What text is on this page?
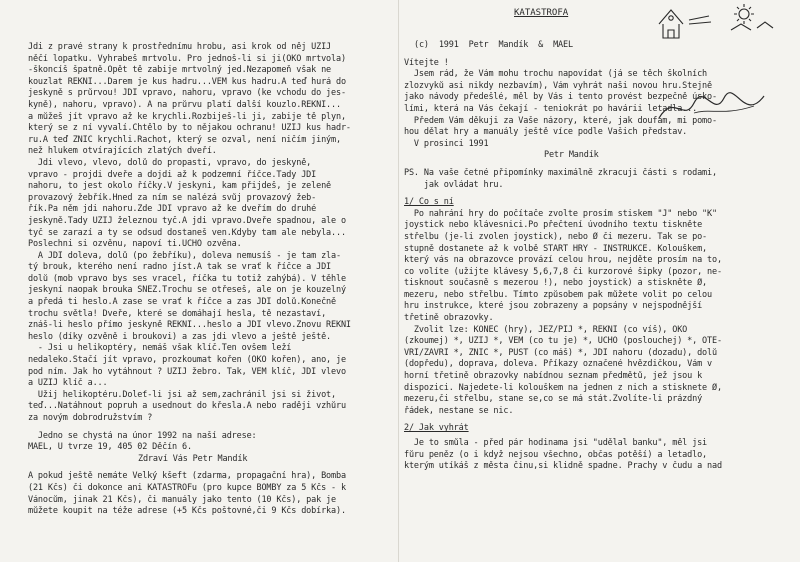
Jdi z pravé strany k prostřednímu hrobu, asi krok od něj UŽIJ
něčí lopatku. Vyhrabeš mrtvolu. Pro jednoš-li si ji(OKO mrtvola)
-škoncíš špatně.Opět tě zabije mrtvolný jed.Nezapomeň však ne
kouzlat ŘEKNI...Darem je kus hadru...VEM kus hadru.A teď hurá do
jeskyně s průrvou! JDI vpravo, nahoru, vpravo (ke vchodu do jes-
kyně), nahoru, vpravo). A na průrvu platí další kouzlo.ŘEKNI...
a můžeš jít vpravo až ke krychli.Rozbiješ-li ji, zabije tě plyn,
který se z ní vyvalí.Chtělo by to nějakou ochranu! UŽIJ kus hadr-
ru.A teď ZNIČ krychli.Rachot, který se ozval, není ničím jiným,
než hlukem otvírajících zlatých dveří.
Jdi vlevo, vlevo, dolů do propasti, vpravo, do jeskyně,
vpravo - projdi dveře a dojdi až k podzemní říčce.Tady JDI
nahoru, to jest okolo říčky.V jeskyni, kam přijdeš, je zeleně
provazový žebřík.Hned za ním se nalézá svůj provazový žeb-
řík.Pa něm jdi nahoru.Zde JDI vpravo až ke dveřím do druhé
jeskyně.Tady UŽIJ železnou tyč.A jdi vpravo.Dveře spadnou, ale o
tyč se zarazí a ty se odsud dostaneš ven.Kdyby tam ale nebyla...
Poslechni si ozvěnu, napoví ti.UCHO ozvěna.
A JDI doleva, dolů (po žebříku), doleva nemusíš - je tam zla-
tý brouk, kterého není radno jíst.A tak se vrať k říčce a JDI
dolů (mob vpravo bys ses vracel, říčka tu totiž zahýbá). V těhle
jeskyní naopak brouka SNĚZ.Trochu se otřeseš, ale on je kouzelný
a předá ti heslo.A zase se vrať k říčce a zas JDI dolů.Konečně
trochu světla! Dveře, které se domáhají hesla, tě nezastaví,
znáš-li heslo přímo jeskyně ŘEKNI...heslo a JDI vlevo.Znovu ŘEKNI
heslo (díky ozvěně i broukovi) a zas jdi vlevo a ještě ještě.
- Jsi u helikoptéry, nemáš však klíč.Ten ovšem leží
nedaleko.Stačí jít vpravo, prozkoumat kořen (OKO kořen), ano, je
pod ním. Jak ho vytáhnout ? UŽIJ žebro. Tak, VEM klíč, JDI vlevo
a UŽIJ klíč a...
Užij helikoptéru.Doleť-li jsi až sem,zachránil jsi si život,
teď...Natáhnout popruh a usednout do křesla.A nebo raději vzhůru
za novým dobrodružstvím ?
Jedno se chystá na únor 1992 na naší adrese:
MAEL, U tvrze 19, 405 02 Děčín 6.
Zdraví Vás Petr Mandík
A pokud ještě nemáte Velký kšeft (zdarma, propagační hra), Bomba
(21 Kčs) či dokonce ani KATASTROFu (pro kupce BOMBY za 5 Kčs - k
Vánocům, jinak 21 Kčs), či manuály jako tento (10 Kčs), pak je
můžete koupit na téže adrese (+5 Kčs poštovné,či 9 Kčs dobírka).
KATASTROFA
(c)  1991  Petr  Mandík  &  MAEL
Vítejte !
Jsem rád, že Vám mohu trochu napovídat (já se těch školních
zlozvyků asi nikdy nezbavím), Vám vyhrát naši novou hru.Stejně
jako návody předešlé, měl by Vás i tento provést bezpečně úsko-
lími, která na Vás čekají - teniokrát po havárii letadla...
Předem Vám děkuji za Vaše názory, které, jak doufám, mi pomo-
hou dělat hry a manuály ještě více podle Vašich představ.
V prosinci 1991
Petr Mandík
PS. Na vaše četné připomínky maximálně zkracuji části s rodami,
jak ovládat hru.
1/ Co s ní
Po nahrání hry do počítače zvolte prosím stiskem "J" nebo "K"
joystick nebo klávesnici.Po přečtení úvodního textu tiskněte
střelbu (je-li zvolen joystick), nebo Ø či mezeru. Tak se po-
stupně dostanete až k volbě START HRY - INSTRUKCE. Kolouškem,
který vás na obrazovce provází celou hrou, nejděte prosím na to,
co volíte (užijte klávesy 5,6,7,8 či kurzorové šipky (pozor, ne-
tisknout současně s mezerou !), nebo joystick) a stiskněte Ø,
mezeru, nebo střelbu. Tímto způsobem pak můžete volit po celou
hru instrukce, které jsou zobrazeny a popsány v nejspodnější
třetině obrazovky.
Zvolit lze: KONEC (hry), JEZ/PIJ *, ŘEKNI (co víš), OKO
(zkoumej) *, UŽIJ *, VEM (co tu je) *, UCHO (poslouchej) *, OTE-
VŘI/ZAVŘI *, ZNIČ *, PUSŤ (co máš) *, JDI nahoru (dozadu), dolů
(dopředu), doprava, doleva. Příkazy označené hvězdičkou, Vám v
horní třetině obrazovky nabídnou seznam předmětů, jež jsou k
dispozici. Najedete-li kolouškem na jednen z nich a stisknete Ø,
mezeru,či střelbu, stane se,co se má stát.Zvolíte-li prázdný
řádek, nestane se nic.
2/ Jak vyhrát
Je to smůla - před pár hodinama jsi "udělal banku", měl jsi
fůru peněz (o i když nejsou všechno, občas potěší) a letadlo,
kterým utíkáš z města činu,si klidně spadne. Prachy v čudu a nad
